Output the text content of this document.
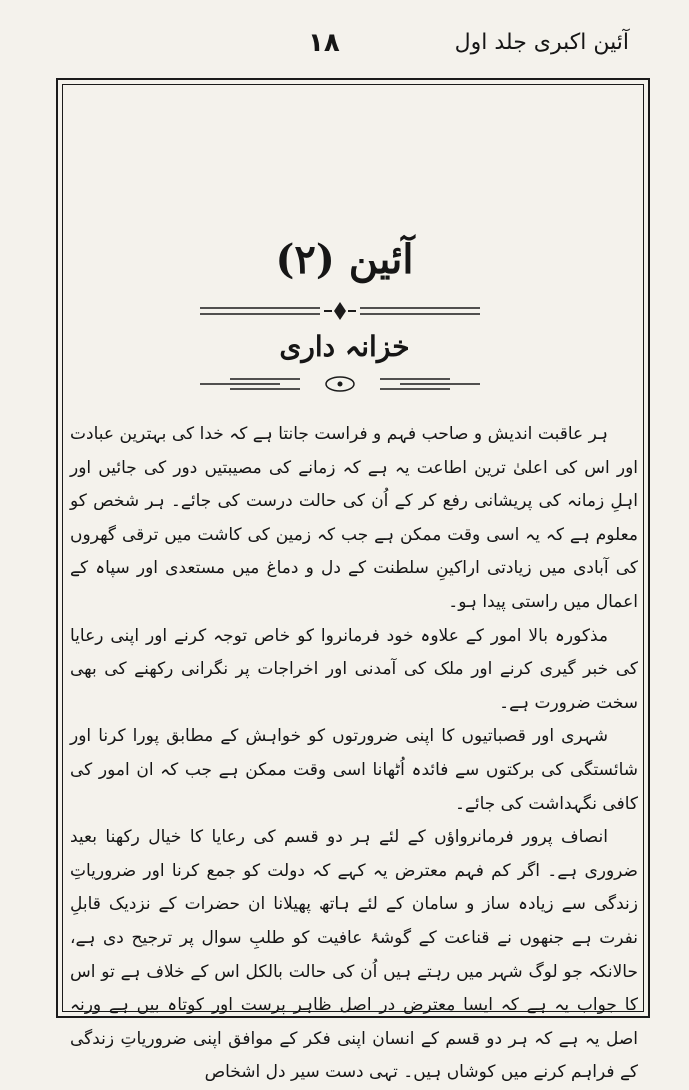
آئین اکبری جلد اول
۱۸
آئین (۲)
خزانہ داری

ہر عاقبت اندیش و صاحب فہم و فراست جانتا ہے کہ خدا کی بہترین عبادت اور اس کی اعلیٰ ترین اطاعت یہ ہے کہ زمانے کی مصیبتیں دور کی جائیں اور اہلِ زمانہ کی پریشانی رفع کر کے اُن کی حالت درست کی جائے۔ ہر شخص کو معلوم ہے کہ یہ اسی وقت ممکن ہے جب کہ زمین کی کاشت میں ترقی گھروں کی آبادی میں زیادتی اراکینِ سلطنت کے دل و دماغ میں مستعدی اور سپاہ کے اعمال میں راستی پیدا ہو۔

مذکورہ بالا امور کے علاوہ خود فرمانروا کو خاص توجہ کرنے اور اپنی رعایا کی خبر گیری کرنے اور ملک کی آمدنی اور اخراجات پر نگرانی رکھنے کی بھی سخت ضرورت ہے۔

شہری اور قصباتیوں کا اپنی ضرورتوں کو خواہش کے مطابق پورا کرنا اور شائستگی کی برکتوں سے فائدہ اُٹھانا اسی وقت ممکن ہے جب کہ ان امور کی کافی نگہداشت کی جائے۔

انصاف پرور فرمانرواؤں کے لئے ہر دو قسم کی رعایا کا خیال رکھنا بعید ضروری ہے۔ اگر کم فہم معترض یہ کہے کہ دولت کو جمع کرنا اور ضروریاتِ زندگی سے زیادہ ساز و سامان کے لئے ہاتھ پھیلانا ان حضرات کے نزدیک قابلِ نفرت ہے جنھوں نے قناعت کے گوشۂ عافیت کو طلبِ سوال پر ترجیح دی ہے، حالانکہ جو لوگ شہر میں رہتے ہیں اُن کی حالت بالکل اس کے خلاف ہے تو اس کا جواب یہ ہے کہ ایسا معترض در اصل ظاہر پرست اور کوتاہ بیں ہے ورنہ اصل یہ ہے کہ ہر دو قسم کے انسان اپنی فکر کے موافق اپنی ضروریاتِ زندگی کے فراہم کرنے میں کوشاں ہیں۔ تہی دست سیر دل اشخاص
